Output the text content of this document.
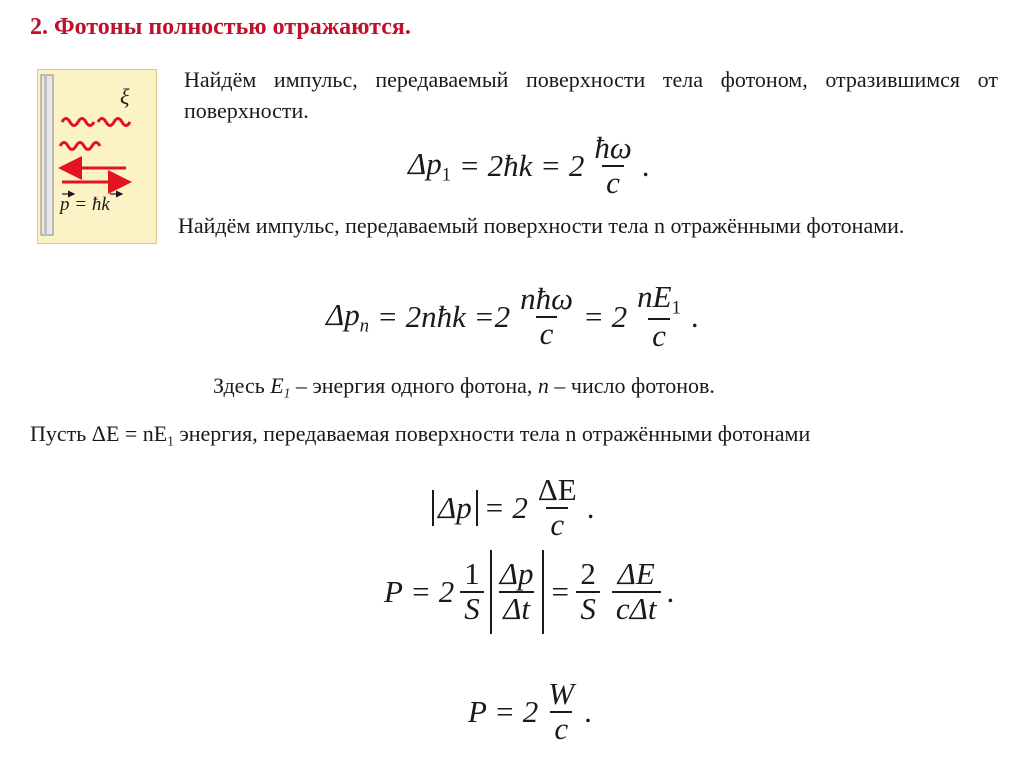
2. Фотоны полностью отражаются.
ξ
p = ħk
Найдём импульс, передаваемый поверхности тела фотоном, отразившимся от поверхности.
$\Delta p_1$ = 2ħk = $2 \frac{ħ\omega}{c}$ .
Найдём импульс, передаваемый поверхности тела n отражёнными фотонами.
$\Delta p_n$ = 2nħk $=2 \frac{\text{nħω}}{c} = 2 \frac{nE_1}{c}$ .
Здесь $E_1$ – энергия одного фотона, n – число фотонов.
Пусть $\Delta E = nE_1$ энергия, передаваемая поверхности тела n отражёнными фотонами
$\Delta p = 2 \frac{\Delta E}{c}$ .
$P = 2 \frac{1}{S} \frac{\Delta p}{\Delta t} = \frac{2}{S} \frac{\Delta E}{\text{cΔt}}$ .
$P = 2 \frac{W}{c}$ .
